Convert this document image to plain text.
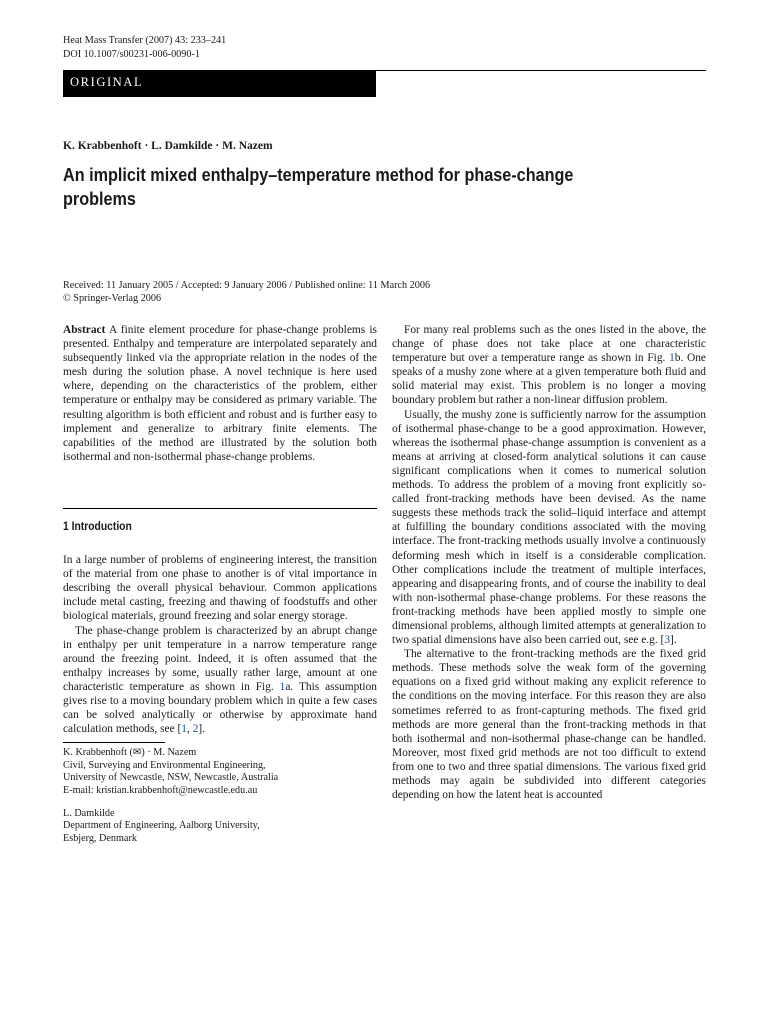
Heat Mass Transfer (2007) 43: 233–241
DOI 10.1007/s00231-006-0090-1
ORIGINAL
K. Krabbenhoft · L. Damkilde · M. Nazem
An implicit mixed enthalpy–temperature method for phase-change problems
Received: 11 January 2005 / Accepted: 9 January 2006 / Published online: 11 March 2006
© Springer-Verlag 2006

Abstract A finite element procedure for phase-change problems is presented. Enthalpy and temperature are interpolated separately and subsequently linked via the appropriate relation in the nodes of the mesh during the solution phase. A novel technique is here used where, depending on the characteristics of the problem, either temperature or enthalpy may be considered as primary variable. The resulting algorithm is both efficient and robust and is further easy to implement and generalize to arbitrary finite elements. The capabilities of the method are illustrated by the solution both isothermal and non-isothermal phase-change problems.

1 Introduction

In a large number of problems of engineering interest, the transition of the material from one phase to another is of vital importance in describing the overall physical behaviour. Common applications include metal casting, freezing and thawing of foodstuffs and other biological materials, ground freezing and solar energy storage.

The phase-change problem is characterized by an abrupt change in enthalpy per unit temperature in a narrow temperature range around the freezing point. Indeed, it is often assumed that the enthalpy increases by some, usually rather large, amount at one characteristic temperature as shown in Fig. 1a. This assumption gives rise to a moving boundary problem which in quite a few cases can be solved analytically or otherwise by approximate hand calculation methods, see [1, 2].

K. Krabbenhoft (✉) · M. Nazem
Civil, Surveying and Environmental Engineering,
University of Newcastle, NSW, Newcastle, Australia
E-mail: kristian.krabbenhoft@newcastle.edu.au
L. Damkilde
Department of Engineering, Aalborg University,
Esbjerg, Denmark

For many real problems such as the ones listed in the above, the change of phase does not take place at one characteristic temperature but over a temperature range as shown in Fig. 1b. One speaks of a mushy zone where at a given temperature both fluid and solid material may exist. This problem is no longer a moving boundary problem but rather a non-linear diffusion problem.

Usually, the mushy zone is sufficiently narrow for the assumption of isothermal phase-change to be a good approximation. However, whereas the isothermal phase-change assumption is convenient as a means at arriving at closed-form analytical solutions it can cause significant complications when it comes to numerical solution methods. To address the problem of a moving front explicitly so-called front-tracking methods have been devised. As the name suggests these methods track the solid–liquid interface and attempt at fulfilling the boundary conditions associated with the moving interface. The front-tracking methods usually involve a continuously deforming mesh which in itself is a considerable complication. Other complications include the treatment of multiple interfaces, appearing and disappearing fronts, and of course the inability to deal with non-isothermal phase-change problems. For these reasons the front-tracking methods have been applied mostly to simple one dimensional problems, although limited attempts at generalization to two spatial dimensions have also been carried out, see e.g. [3].

The alternative to the front-tracking methods are the fixed grid methods. These methods solve the weak form of the governing equations on a fixed grid without making any explicit reference to the conditions on the moving interface. For this reason they are also sometimes referred to as front-capturing methods. The fixed grid methods are more general than the front-tracking methods in that both isothermal and non-isothermal phase-change can be handled. Moreover, most fixed grid methods are not too difficult to extend from one to two and three spatial dimensions. The various fixed grid methods may again be subdivided into different categories depending on how the latent heat is accounted
